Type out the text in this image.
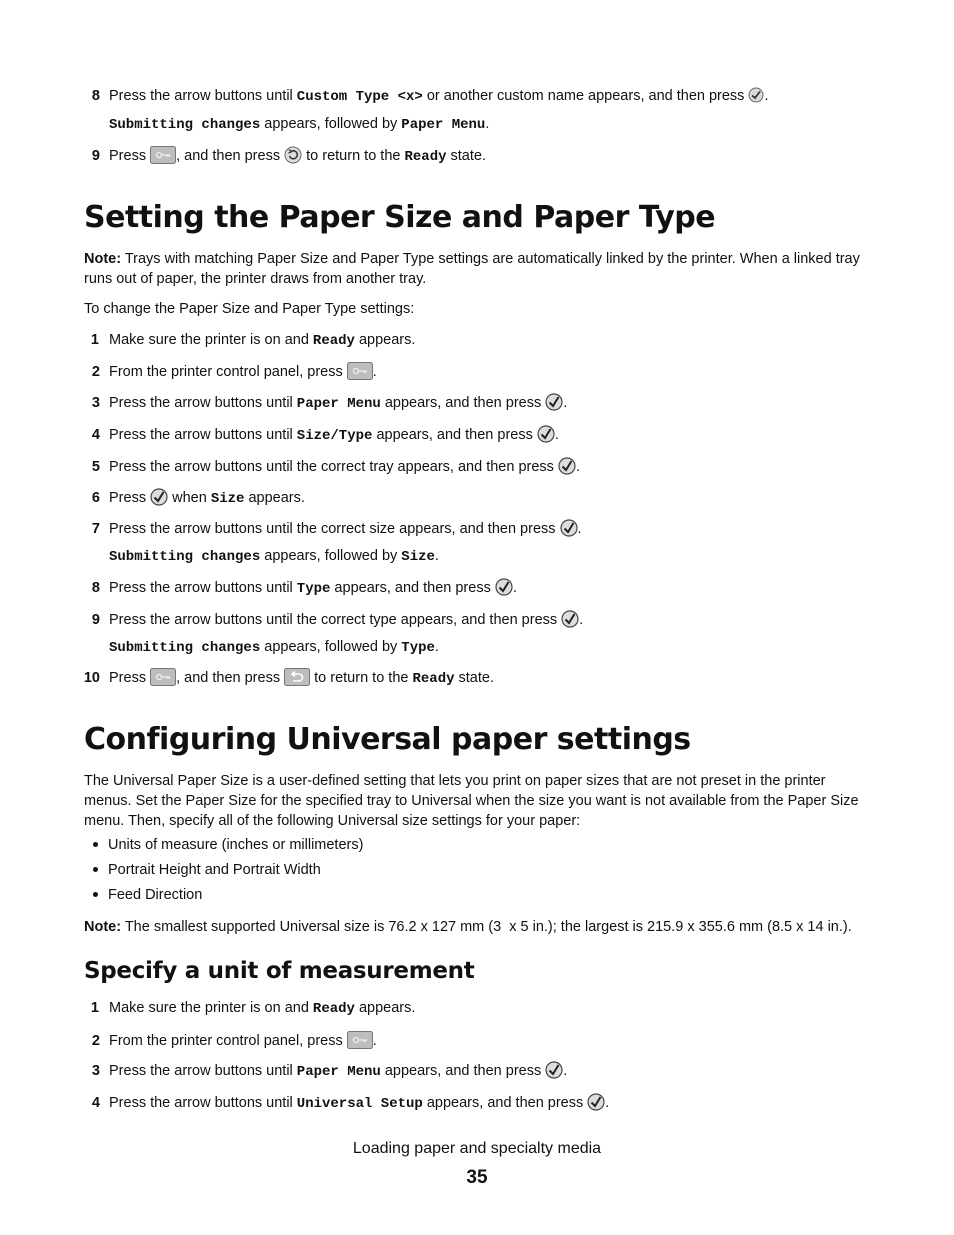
8 Press the arrow buttons until Custom Type <x> or another custom name appears, and then press
.
Submitting changes appears, followed by Paper Menu.
9 Press
, and then press
to return to the Ready state.
Setting the Paper Size and Paper Type
Note: Trays with matching Paper Size and Paper Type settings are automatically linked by the printer. When a linked tray runs out of paper, the printer draws from another tray.
To change the Paper Size and Paper Type settings:
1 Make sure the printer is on and Ready appears.
2 From the printer control panel, press
.
3 Press the arrow buttons until Paper Menu appears, and then press
.
4 Press the arrow buttons until Size/Type appears, and then press
.
5 Press the arrow buttons until the correct tray appears, and then press
.
6 Press
when Size appears.
7 Press the arrow buttons until the correct size appears, and then press
.
Submitting changes appears, followed by Size.
8 Press the arrow buttons until Type appears, and then press
.
9 Press the arrow buttons until the correct type appears, and then press
.
Submitting changes appears, followed by Type.
10 Press
, and then press
to return to the Ready state.
Configuring Universal paper settings
The Universal Paper Size is a user-defined setting that lets you print on paper sizes that are not preset in the printer menus. Set the Paper Size for the specified tray to Universal when the size you want is not available from the Paper Size menu. Then, specify all of the following Universal size settings for your paper:
Units of measure (inches or millimeters)
Portrait Height and Portrait Width
Feed Direction
Note: The smallest supported Universal size is 76.2 x 127 mm (3  x 5 in.); the largest is 215.9 x 355.6 mm (8.5 x 14 in.).
Specify a unit of measurement
1 Make sure the printer is on and Ready appears.
2 From the printer control panel, press
.
3 Press the arrow buttons until Paper Menu appears, and then press
.
4 Press the arrow buttons until Universal Setup appears, and then press
.
Loading paper and specialty media
35
